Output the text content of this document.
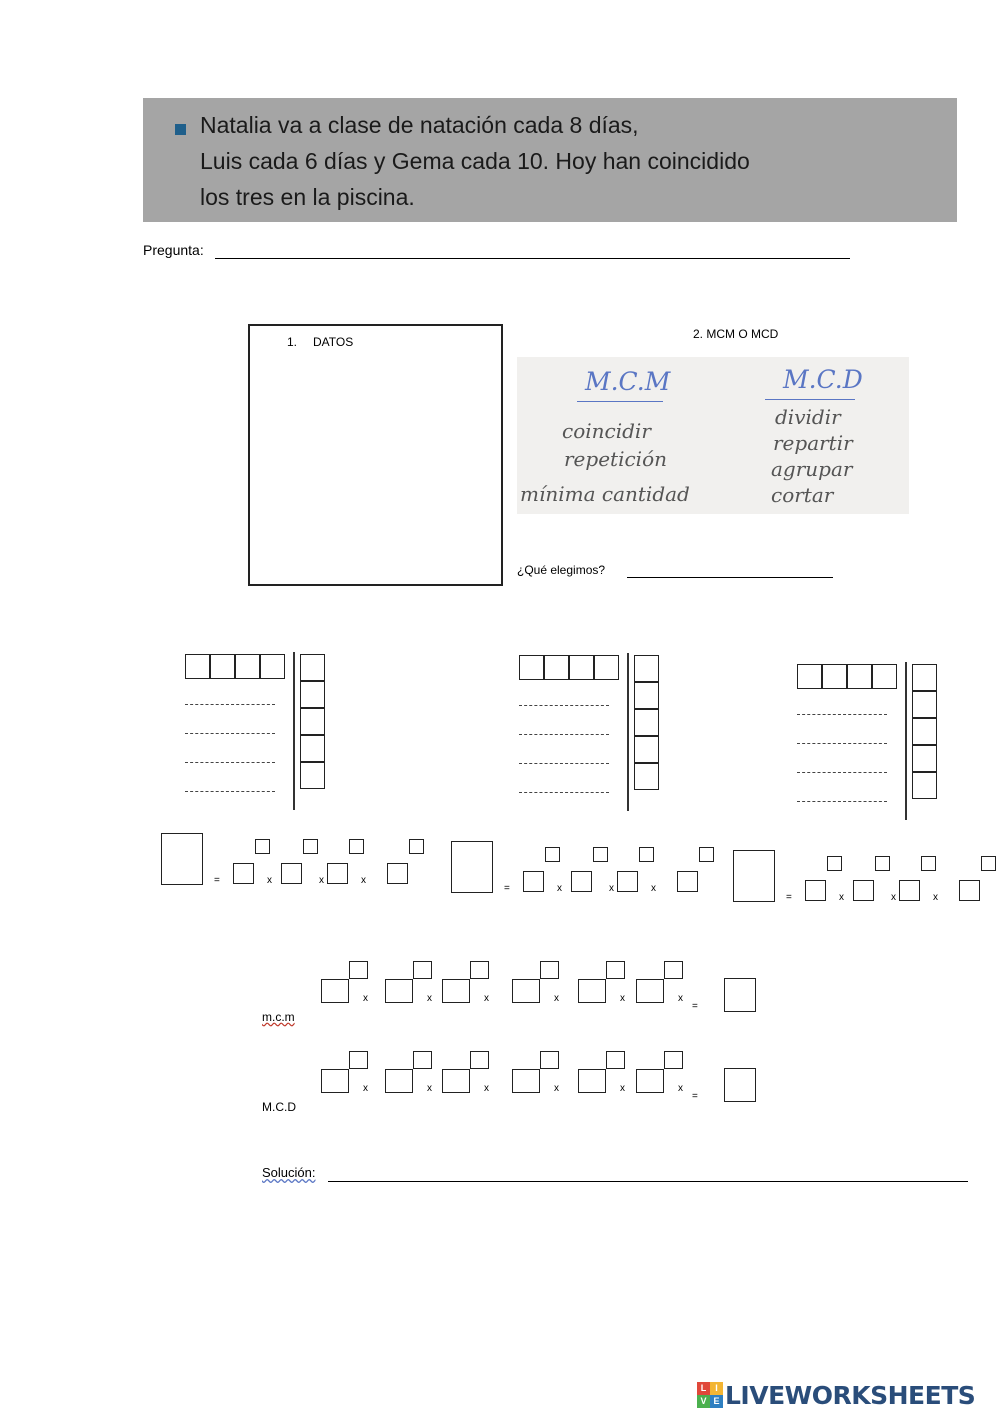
Natalia va a clase de natación cada 8 días,
Luis cada 6 días y Gema cada 10. Hoy han coincidido
los tres en la piscina.
Pregunta:
1. DATOS
2. MCM O MCD
M.C.M
coincidir
repetición
mínima cantidad
M.C.D
dividir
repartir
agrupar
cortar
¿Qué elegimos?
=	x	x	x
=	x	x	x
=	x	x	x
x	x	x	x	x	x
=
x	x	x	x	x	x
=
m.c.m
M.C.D
Solución:
L I
V E LIVEWORKSHEETS
